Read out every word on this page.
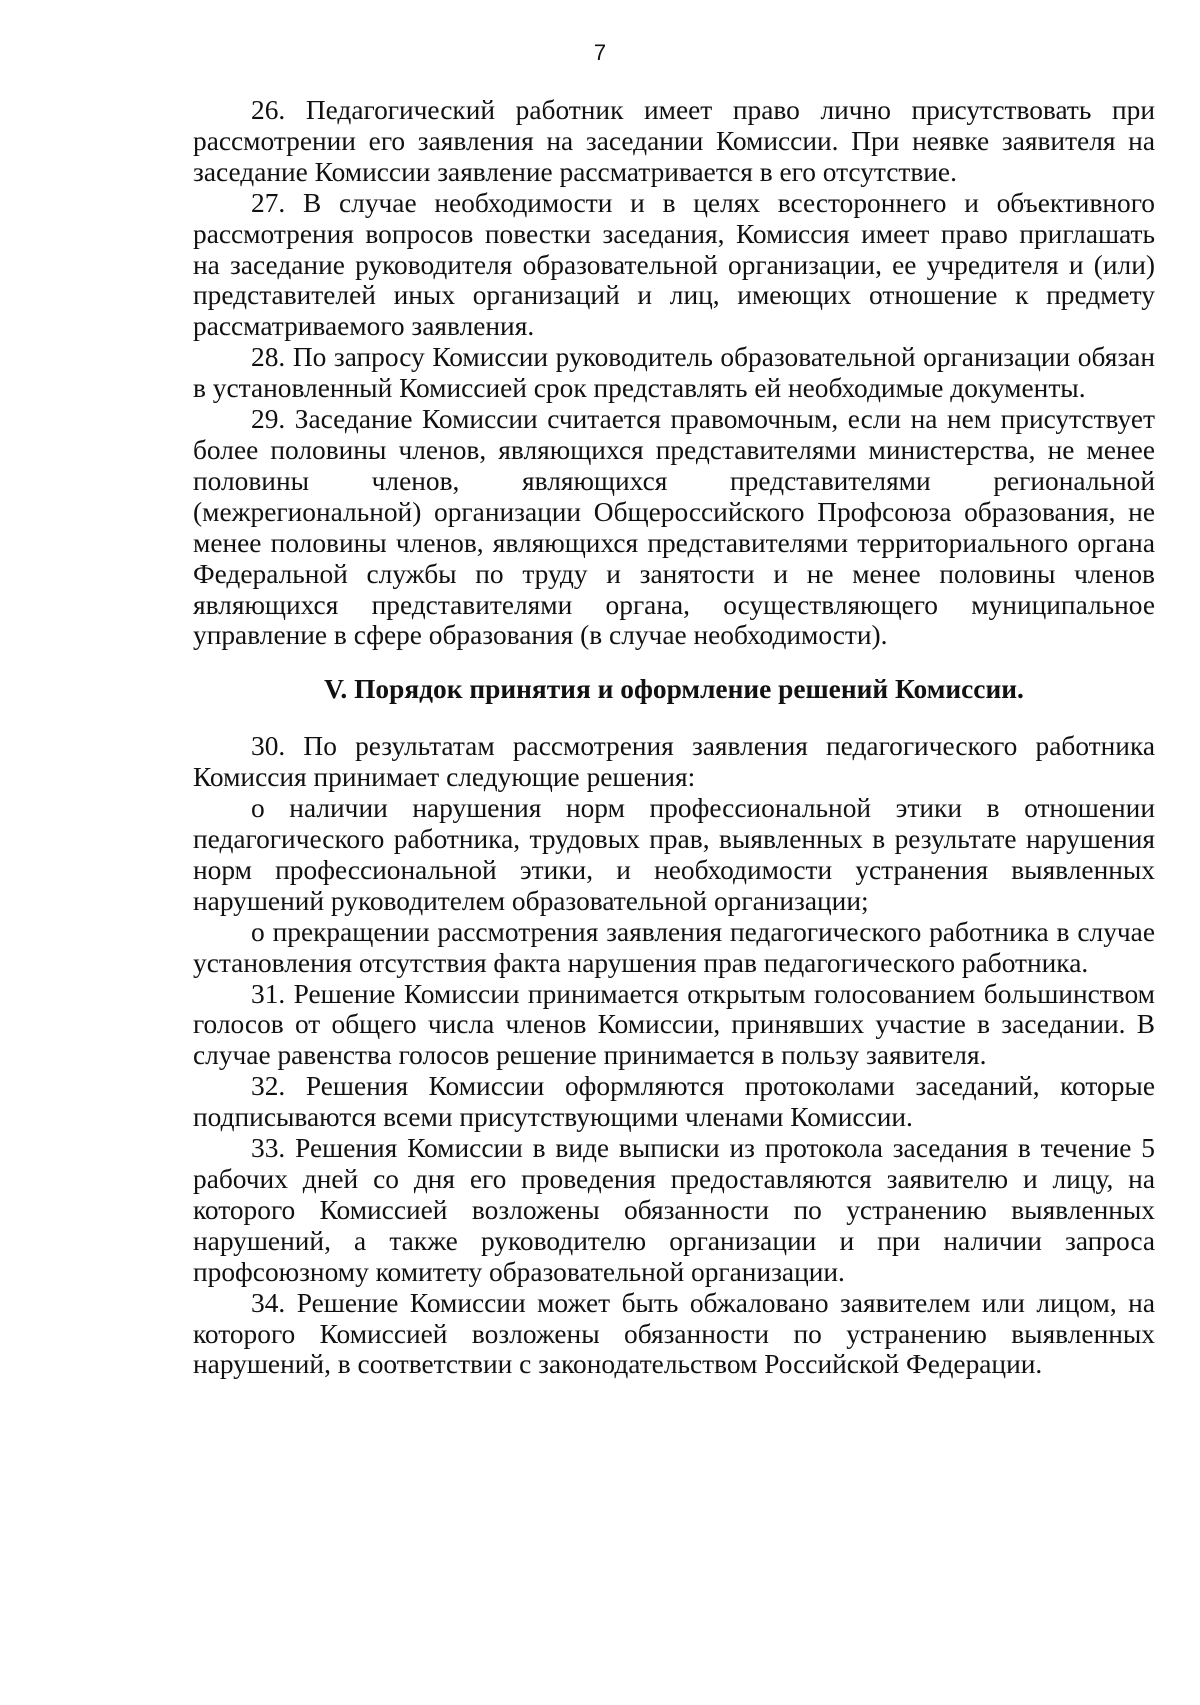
7

26. Педагогический работник имеет право лично присутствовать при рассмотрении его заявления на заседании Комиссии. При неявке заявителя на заседание Комиссии заявление рассматривается в его отсутствие.

27. В случае необходимости и в целях всестороннего и объективного рассмотрения вопросов повестки заседания, Комиссия имеет право приглашать на заседание руководителя образовательной организации, ее учредителя и (или) представителей иных организаций и лиц, имеющих отношение к предмету рассматриваемого заявления.

28. По запросу Комиссии руководитель образовательной организации обязан в установленный Комиссией срок представлять ей необходимые документы.

29. Заседание Комиссии считается правомочным, если на нем присутствует более половины членов, являющихся представителями министерства, не менее половины членов, являющихся представителями региональной (межрегиональной) организации Общероссийского Профсоюза образования, не менее половины членов, являющихся представителями территориального органа Федеральной службы по труду и занятости и не менее половины членов являющихся представителями органа, осуществляющего муниципальное управление в сфере образования (в случае необходимости).

V. Порядок принятия и оформление решений Комиссии.

30. По результатам рассмотрения заявления педагогического работника Комиссия принимает следующие решения:

о наличии нарушения норм профессиональной этики в отношении педагогического работника, трудовых прав, выявленных в результате нарушения норм профессиональной этики, и необходимости устранения выявленных нарушений руководителем образовательной организации;

о прекращении рассмотрения заявления педагогического работника в случае установления отсутствия факта нарушения прав педагогического работника.

31. Решение Комиссии принимается открытым голосованием большинством голосов от общего числа членов Комиссии, принявших участие в заседании. В случае равенства голосов решение принимается в пользу заявителя.

32. Решения Комиссии оформляются протоколами заседаний, которые подписываются всеми присутствующими членами Комиссии.

33. Решения Комиссии в виде выписки из протокола заседания в течение 5 рабочих дней со дня его проведения предоставляются заявителю и лицу, на которого Комиссией возложены обязанности по устранению выявленных нарушений, а также руководителю организации и при наличии запроса профсоюзному комитету образовательной организации.

34. Решение Комиссии может быть обжаловано заявителем или лицом, на которого Комиссией возложены обязанности по устранению выявленных нарушений, в соответствии с законодательством Российской Федерации.
